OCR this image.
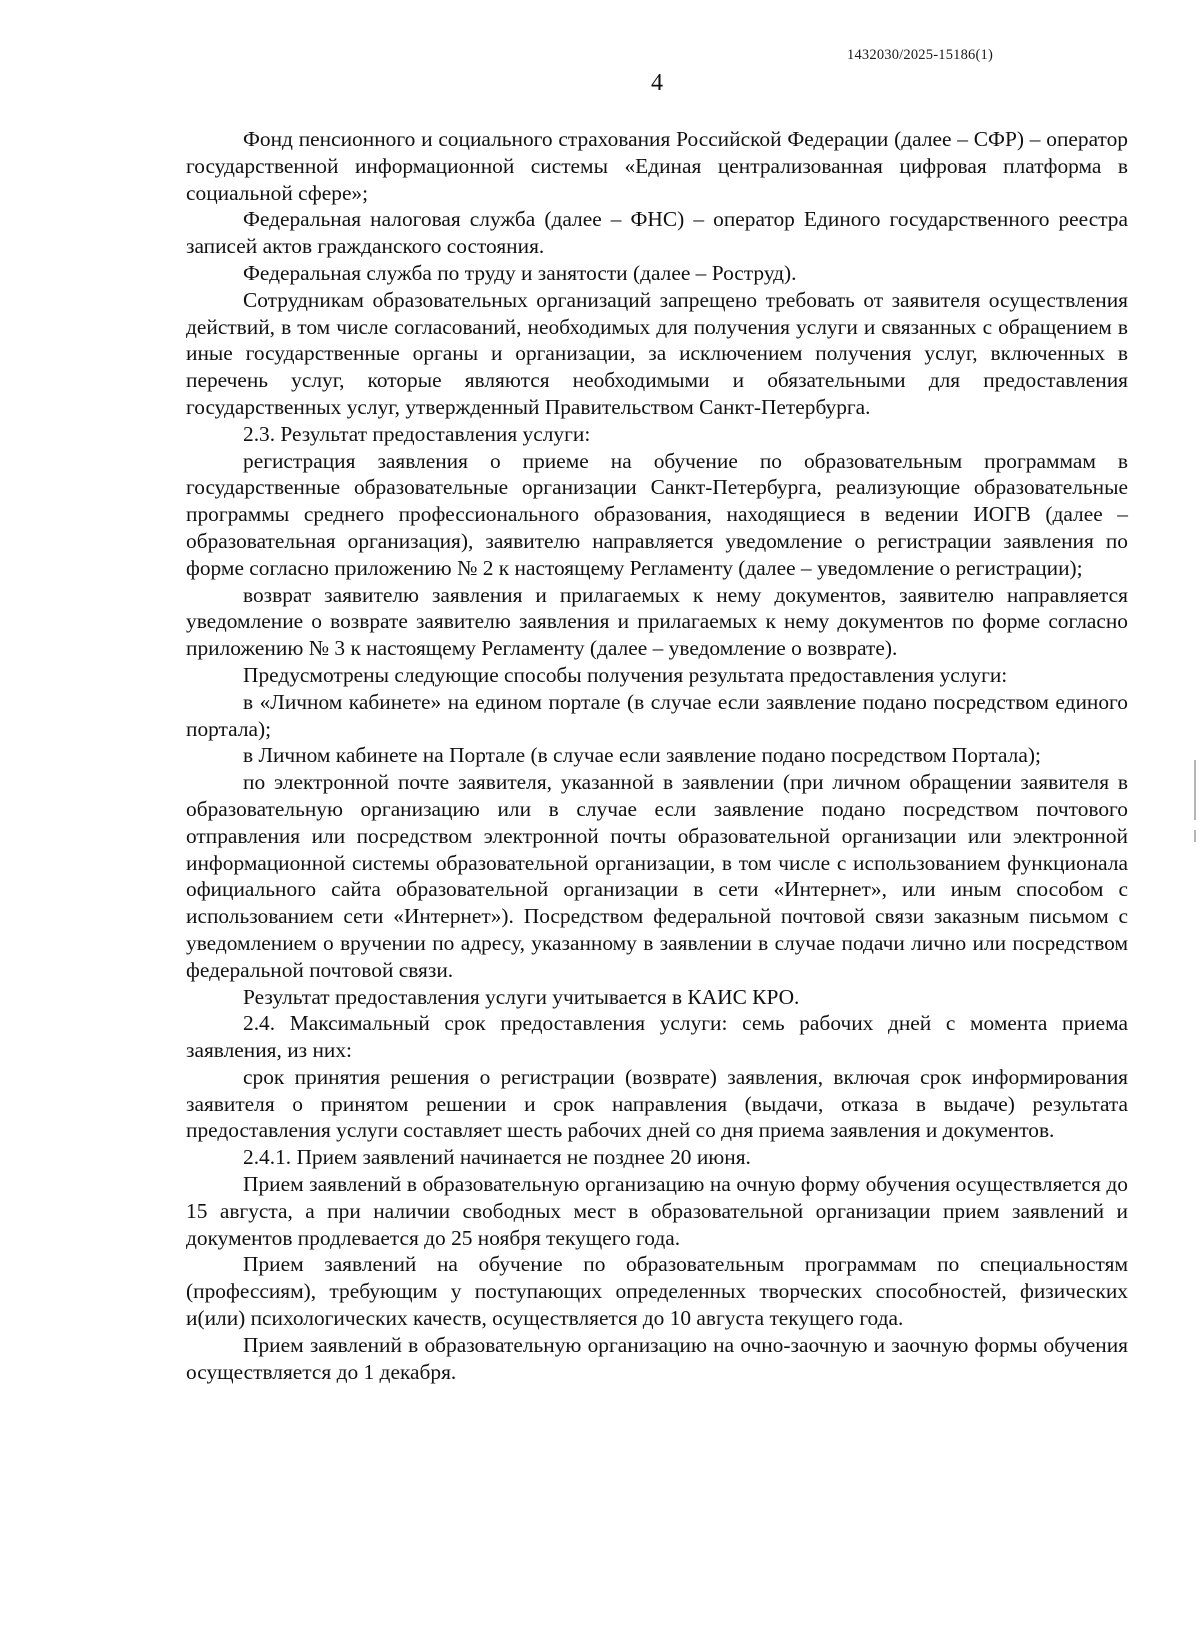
1432030/2025-15186(1)
4

Фонд пенсионного и социального страхования Российской Федерации (далее – СФР) – оператор государственной информационной системы «Единая централизованная цифровая платформа в социальной сфере»;

Федеральная налоговая служба (далее – ФНС) – оператор Единого государственного реестра записей актов гражданского состояния.

Федеральная служба по труду и занятости (далее – Роструд).

Сотрудникам образовательных организаций запрещено требовать от заявителя осуществления действий, в том числе согласований, необходимых для получения услуги и связанных с обращением в иные государственные органы и организации, за исключением получения услуг, включенных в перечень услуг, которые являются необходимыми и обязательными для предоставления государственных услуг, утвержденный Правительством Санкт-Петербурга.

2.3. Результат предоставления услуги:

регистрация заявления о приеме на обучение по образовательным программам в государственные образовательные организации Санкт-Петербурга, реализующие образовательные программы среднего профессионального образования, находящиеся в ведении ИОГВ (далее – образовательная организация), заявителю направляется уведомление о регистрации заявления по форме согласно приложению № 2 к настоящему Регламенту (далее – уведомление о регистрации);

возврат заявителю заявления и прилагаемых к нему документов, заявителю направляется уведомление о возврате заявителю заявления и прилагаемых к нему документов по форме согласно приложению № 3 к настоящему Регламенту (далее – уведомление о возврате).

Предусмотрены следующие способы получения результата предоставления услуги:

в «Личном кабинете» на едином портале (в случае если заявление подано посредством единого портала);

в Личном кабинете на Портале (в случае если заявление подано посредством Портала);

по электронной почте заявителя, указанной в заявлении (при личном обращении заявителя в образовательную организацию или в случае если заявление подано посредством почтового отправления или посредством электронной почты образовательной организации или электронной информационной системы образовательной организации, в том числе с использованием функционала официального сайта образовательной организации в сети «Интернет», или иным способом с использованием сети «Интернет»). Посредством федеральной почтовой связи заказным письмом с уведомлением о вручении по адресу, указанному в заявлении в случае подачи лично или посредством федеральной почтовой связи.

Результат предоставления услуги учитывается в КАИС КРО.

2.4. Максимальный срок предоставления услуги: семь рабочих дней с момента приема заявления, из них:

срок принятия решения о регистрации (возврате) заявления, включая срок информирования заявителя о принятом решении и срок направления (выдачи, отказа в выдаче) результата предоставления услуги составляет шесть рабочих дней со дня приема заявления и документов.

2.4.1. Прием заявлений начинается не позднее 20 июня.

Прием заявлений в образовательную организацию на очную форму обучения осуществляется до 15 августа, а при наличии свободных мест в образовательной организации прием заявлений и документов продлевается до 25 ноября текущего года.

Прием заявлений на обучение по образовательным программам по специальностям (профессиям), требующим у поступающих определенных творческих способностей, физических и(или) психологических качеств, осуществляется до 10 августа текущего года.

Прием заявлений в образовательную организацию на очно-заочную и заочную формы обучения осуществляется до 1 декабря.
